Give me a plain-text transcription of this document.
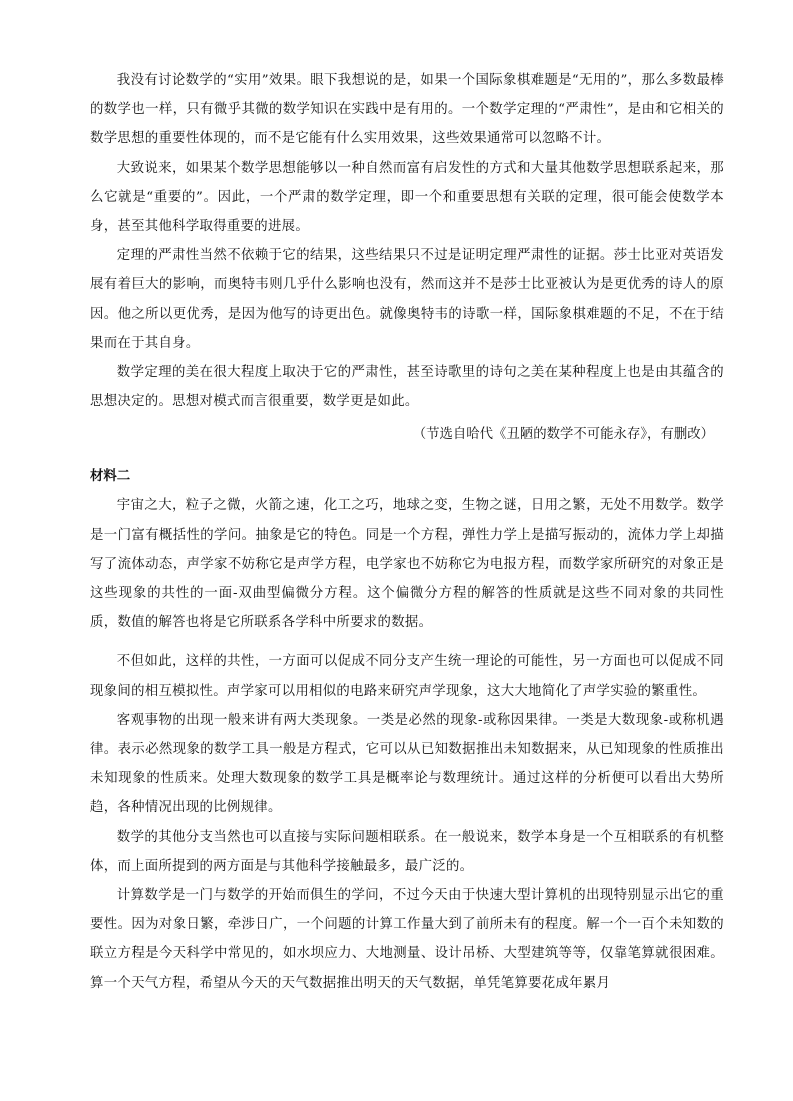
我没有讨论数学的“实用”效果。眼下我想说的是，如果一个国际象棋难题是“无用的”，那么多数最棒的数学也一样，只有微乎其微的数学知识在实践中是有用的。一个数学定理的“严肃性”，是由和它相关的数学思想的重要性体现的，而不是它能有什么实用效果，这些效果通常可以忽略不计。

大致说来，如果某个数学思想能够以一种自然而富有启发性的方式和大量其他数学思想联系起来，那么它就是“重要的”。因此，一个严肃的数学定理，即一个和重要思想有关联的定理，很可能会使数学本身，甚至其他科学取得重要的进展。

定理的严肃性当然不依赖于它的结果，这些结果只不过是证明定理严肃性的证据。莎士比亚对英语发展有着巨大的影响，而奥特韦则几乎什么影响也没有，然而这并不是莎士比亚被认为是更优秀的诗人的原因。他之所以更优秀，是因为他写的诗更出色。就像奥特韦的诗歌一样，国际象棋难题的不足，不在于结果而在于其自身。

数学定理的美在很大程度上取决于它的严肃性，甚至诗歌里的诗句之美在某种程度上也是由其蕴含的思想决定的。思想对模式而言很重要，数学更是如此。

（节选自哈代《丑陋的数学不可能永存》，有删改）

材料二

宇宙之大，粒子之微，火箭之速，化工之巧，地球之变，生物之谜，日用之繁，无处不用数学。数学是一门富有概括性的学问。抽象是它的特色。同是一个方程，弹性力学上是描写振动的，流体力学上却描写了流体动态，声学家不妨称它是声学方程，电学家也不妨称它为电报方程，而数学家所研究的对象正是这些现象的共性的一面-双曲型偏微分方程。这个偏微分方程的解答的性质就是这些不同对象的共同性质，数值的解答也将是它所联系各学科中所要求的数据。

不但如此，这样的共性，一方面可以促成不同分支产生统一理论的可能性，另一方面也可以促成不同现象间的相互模拟性。声学家可以用相似的电路来研究声学现象，这大大地简化了声学实验的繁重性。

客观事物的出现一般来讲有两大类现象。一类是必然的现象-或称因果律。一类是大数现象-或称机遇律。表示必然现象的数学工具一般是方程式，它可以从已知数据推出未知数据来，从已知现象的性质推出未知现象的性质来。处理大数现象的数学工具是概率论与数理统计。通过这样的分析便可以看出大势所趋，各种情况出现的比例规律。

数学的其他分支当然也可以直接与实际问题相联系。在一般说来，数学本身是一个互相联系的有机整体，而上面所提到的两方面是与其他科学接触最多，最广泛的。

计算数学是一门与数学的开始而俱生的学问，不过今天由于快速大型计算机的出现特别显示出它的重要性。因为对象日繁，牵涉日广，一个问题的计算工作量大到了前所未有的程度。解一个一百个未知数的联立方程是今天科学中常见的，如水坝应力、大地测量、设计吊桥、大型建筑等等，仅靠笔算就很困难。算一个天气方程，希望从今天的天气数据推出明天的天气数据，单凭笔算要花成年累月
